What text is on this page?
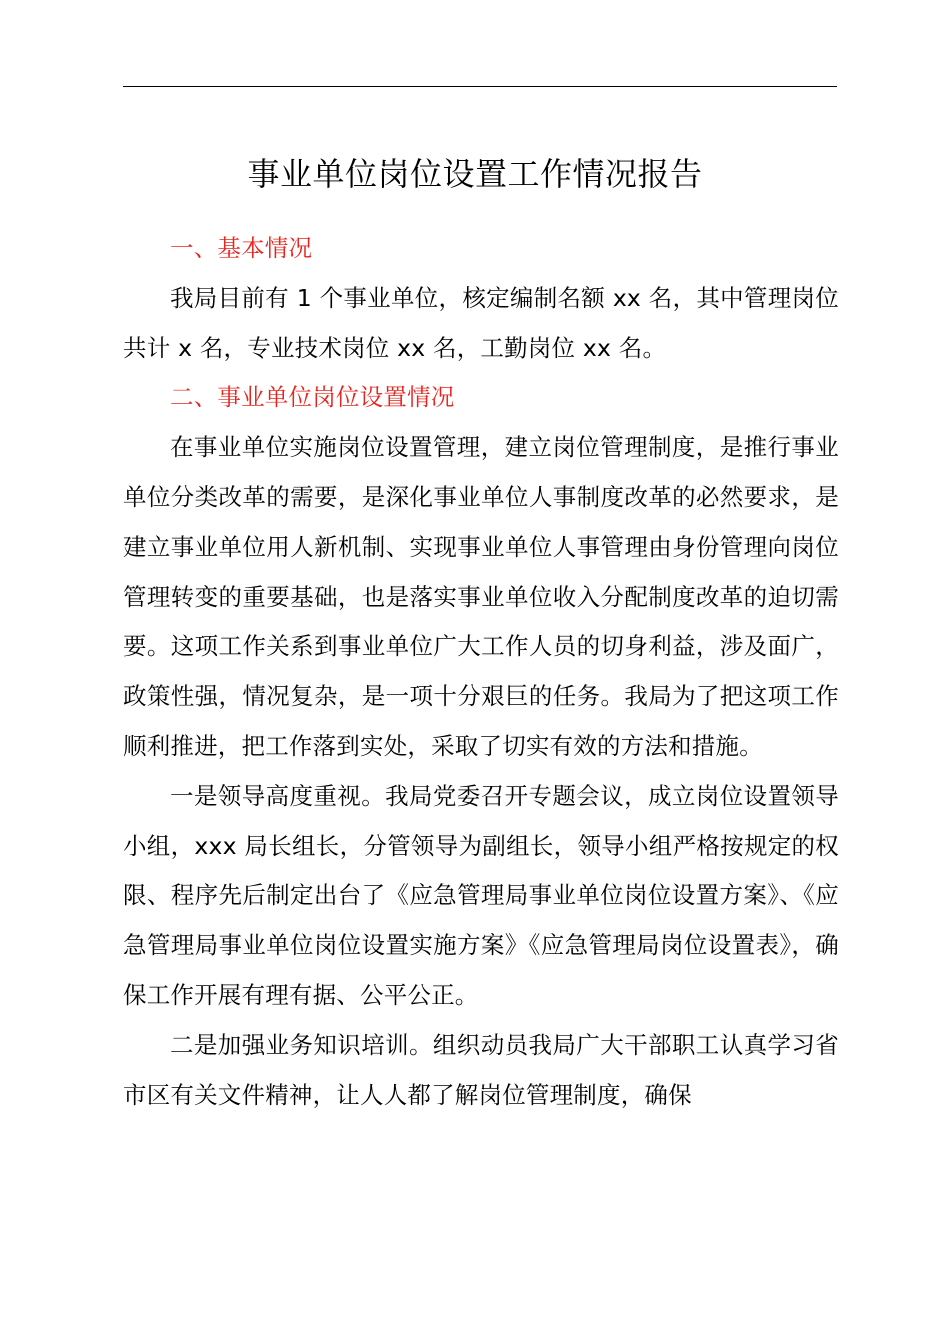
事业单位岗位设置工作情况报告

一、基本情况

我局目前有 1 个事业单位，核定编制名额 xx 名，其中管理岗位共计 x 名，专业技术岗位 xx 名，工勤岗位 xx 名。

二、事业单位岗位设置情况

在事业单位实施岗位设置管理，建立岗位管理制度，是推行事业单位分类改革的需要，是深化事业单位人事制度改革的必然要求，是建立事业单位用人新机制、实现事业单位人事管理由身份管理向岗位管理转变的重要基础，也是落实事业单位收入分配制度改革的迫切需要。这项工作关系到事业单位广大工作人员的切身利益，涉及面广，政策性强，情况复杂，是一项十分艰巨的任务。我局为了把这项工作顺利推进，把工作落到实处，采取了切实有效的方法和措施。

一是领导高度重视。我局党委召开专题会议，成立岗位设置领导小组，xxx 局长组长，分管领导为副组长，领导小组严格按规定的权限、程序先后制定出台了《应急管理局事业单位岗位设置方案》、《应急管理局事业单位岗位设置实施方案》《应急管理局岗位设置表》，确保工作开展有理有据、公平公正。

二是加强业务知识培训。组织动员我局广大干部职工认真学习省市区有关文件精神，让人人都了解岗位管理制度，确保
